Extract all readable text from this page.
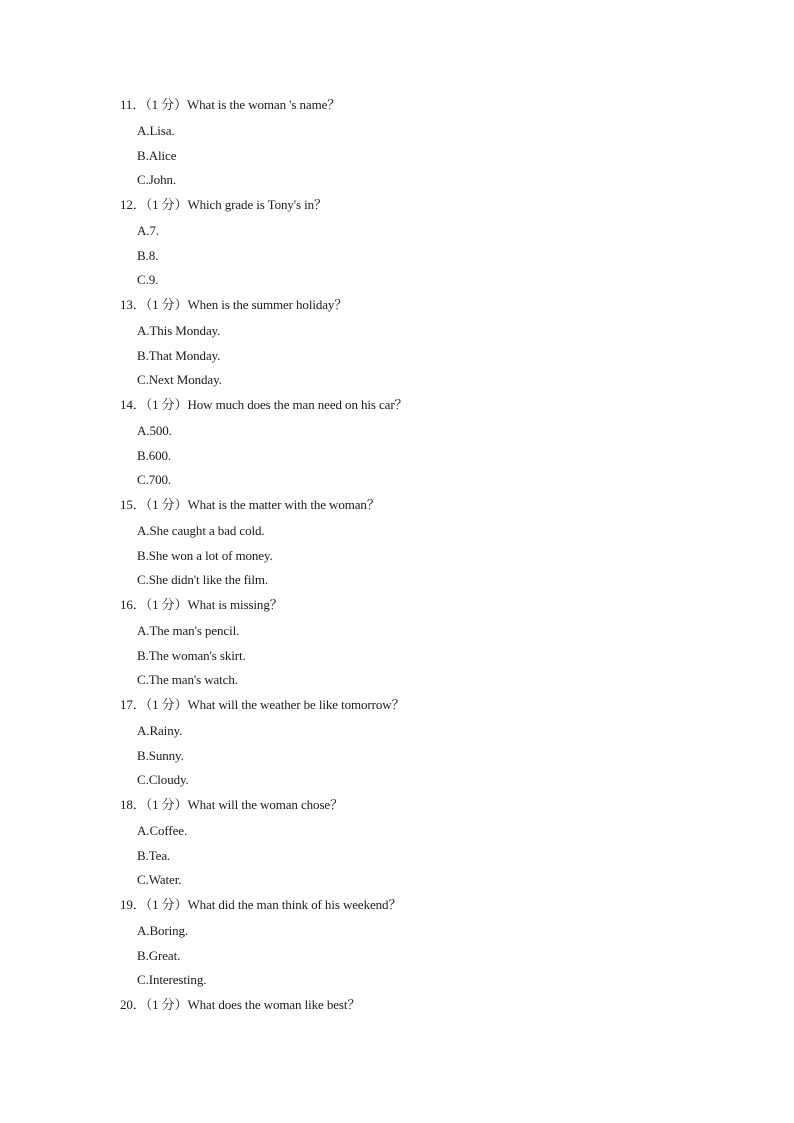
11．（1 分）What is the woman 's name？
A.Lisa.
B.Alice
C.John.
12．（1 分）Which grade is Tony's in？
A.7.
B.8.
C.9.
13．（1 分）When is the summer holiday？
A.This Monday.
B.That Monday.
C.Next Monday.
14．（1 分）How much does the man need on his car？
A.500.
B.600.
C.700.
15．（1 分）What is the matter with the woman？
A.She caught a bad cold.
B.She won a lot of money.
C.She didn't like the film.
16．（1 分）What is missing？
A.The man's pencil.
B.The woman's skirt.
C.The man's watch.
17．（1 分）What will the weather be like tomorrow？
A.Rainy.
B.Sunny.
C.Cloudy.
18．（1 分）What will the woman chose？
A.Coffee.
B.Tea.
C.Water.
19．（1 分）What did the man think of his weekend？
A.Boring.
B.Great.
C.Interesting.
20．（1 分）What does the woman like best？
